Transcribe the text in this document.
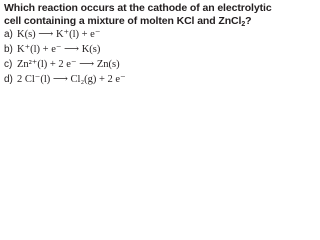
Which reaction occurs at the cathode of an electrolytic
cell containing a mixture of molten KCl and ZnCl$_2$?

a) K(s) ⟶ K⁺(l) + e⁻
b) K⁺(l) + e⁻ ⟶ K(s)
c) Zn²⁺(l) + 2 e⁻ ⟶ Zn(s)
d) 2 Cl⁻(l) ⟶ Cl₂(g) + 2 e⁻
